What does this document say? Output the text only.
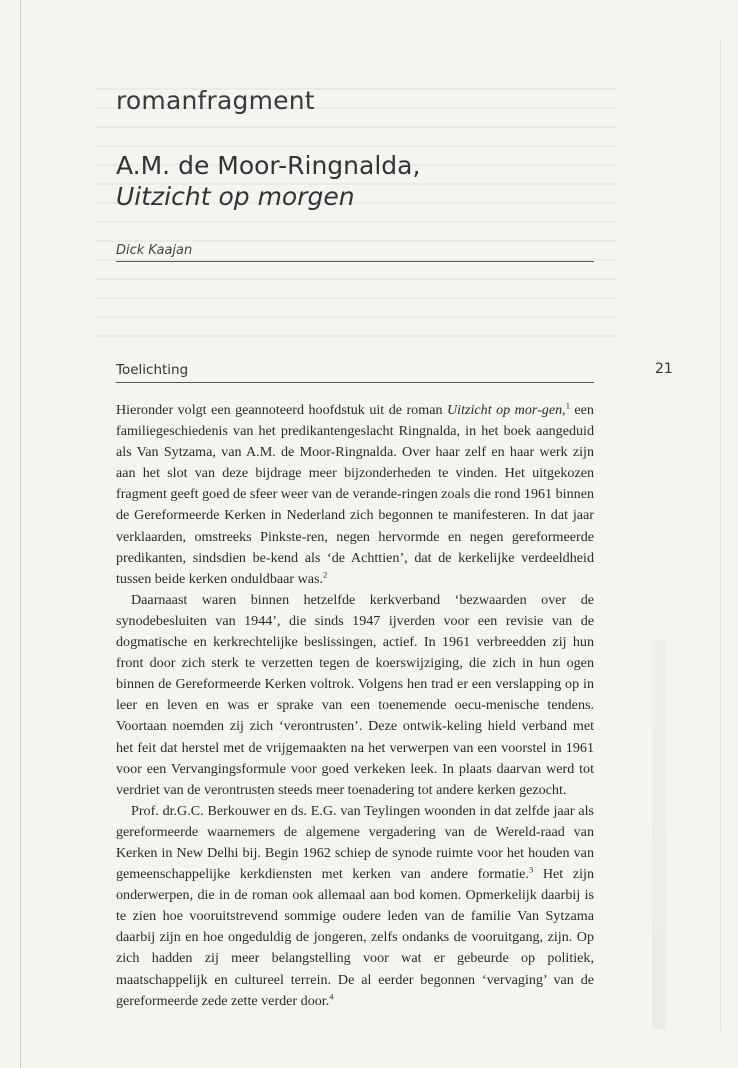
romanfragment
A.M. de Moor-Ringnalda,

Uitzicht op morgen
Dick Kaajan
Toelichting	21

Hieronder volgt een geannoteerd hoofdstuk uit de roman Uitzicht op mor-gen,$^1$ een familiegeschiedenis van het predikantengeslacht Ringnalda, in het boek aangeduid als Van Sytzama, van A.M. de Moor-Ringnalda. Over haar zelf en haar werk zijn aan het slot van deze bijdrage meer bijzonderheden te vinden. Het uitgekozen fragment geeft goed de sfeer weer van de verande-ringen zoals die rond 1961 binnen de Gereformeerde Kerken in Nederland zich begonnen te manifesteren. In dat jaar verklaarden, omstreeks Pinkste-ren, negen hervormde en negen gereformeerde predikanten, sindsdien be-kend als ‘de Achttien’, dat de kerkelijke verdeeldheid tussen beide kerken onduldbaar was.$^2$

Daarnaast waren binnen hetzelfde kerkverband ‘bezwaarden over de synodebesluiten van 1944’, die sinds 1947 ijverden voor een revisie van de dogmatische en kerkrechtelijke beslissingen, actief. In 1961 verbreedden zij hun front door zich sterk te verzetten tegen de koerswijziging, die zich in hun ogen binnen de Gereformeerde Kerken voltrok. Volgens hen trad er een verslapping op in leer en leven en was er sprake van een toenemende oecu-menische tendens. Voortaan noemden zij zich ‘verontrusten’. Deze ontwik-keling hield verband met het feit dat herstel met de vrijgemaakten na het verwerpen van een voorstel in 1961 voor een Vervangingsformule voor goed verkeken leek. In plaats daarvan werd tot verdriet van de verontrusten steeds meer toenadering tot andere kerken gezocht.

Prof. dr.G.C. Berkouwer en ds. E.G. van Teylingen woonden in dat zelfde jaar als gereformeerde waarnemers de algemene vergadering van de Wereld-raad van Kerken in New Delhi bij. Begin 1962 schiep de synode ruimte voor het houden van gemeenschappelijke kerkdiensten met kerken van andere formatie.$^3$ Het zijn onderwerpen, die in de roman ook allemaal aan bod komen. Opmerkelijk daarbij is te zien hoe vooruitstrevend sommige oudere leden van de familie Van Sytzama daarbij zijn en hoe ongeduldig de jongeren, zelfs ondanks de vooruitgang, zijn. Op zich hadden zij meer belangstelling voor wat er gebeurde op politiek, maatschappelijk en cultureel terrein. De al eerder begonnen ‘vervaging’ van de gereformeerde zede zette verder door.$^4$
